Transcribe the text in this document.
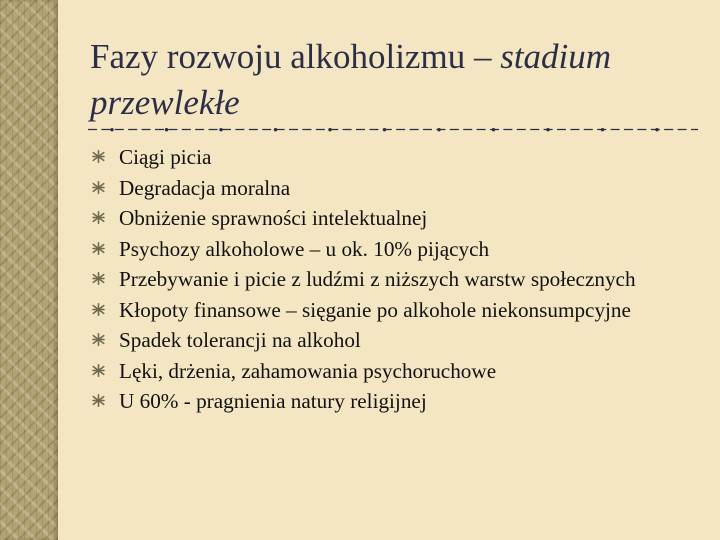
Fazy rozwoju alkoholizmu – stadium
przewlekłe
Ciągi picia
Degradacja moralna
Obniżenie sprawności intelektualnej
Psychozy alkoholowe – u ok. 10% pijących
Przebywanie i picie z ludźmi z niższych warstw społecznych
Kłopoty finansowe – sięganie po alkohole niekonsumpcyjne
Spadek tolerancji na alkohol
Lęki, drżenia, zahamowania psychoruchowe
U 60% - pragnienia natury religijnej
